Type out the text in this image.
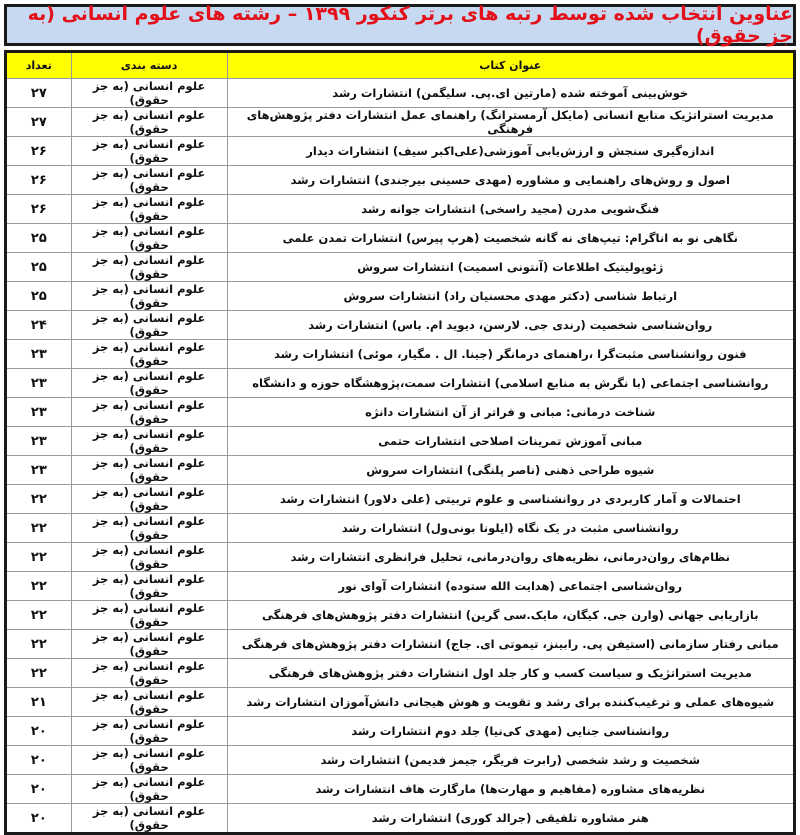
عناوین انتخاب شده توسط رتبه های برتر کنکور ۱۳۹۹ – رشته های علوم انسانی (به جز حقوق)
عنوان کتاب	دسته بندی	تعداد
خوش‌بینی آموخته شده (مارتین ای.پی. سلیگمن) انتشارات رشد	علوم انسانی (به جز حقوق)	۲۷
مدیریت استراتژیک منابع انسانی (مایکل آرمسترانگ) راهنمای عمل انتشارات دفتر پژوهش‌های فرهنگی	علوم انسانی (به جز حقوق)	۲۷
اندازه‌گیری سنجش و ارزش‌یابی آموزشی(علی‌اکبر سیف) انتشارات دیدار	علوم انسانی (به جز حقوق)	۲۶
اصول و روش‌های راهنمایی و مشاوره (مهدی حسینی بیرجندی) انتشارات رشد	علوم انسانی (به جز حقوق)	۲۶
فنگ‌شویی مدرن (مجید راسخی) انتشارات جوانه رشد	علوم انسانی (به جز حقوق)	۲۶
نگاهی نو به اناگرام: تیپ‌های نه گانه شخصیت (هرپ پیرس) انتشارات تمدن علمی	علوم انسانی (به جز حقوق)	۲۵
ژئوپولیتیک اطلاعات (آنتونی اسمیت) انتشارات سروش	علوم انسانی (به جز حقوق)	۲۵
ارتباط شناسی (دکتر مهدی محسنیان راد) انتشارات سروش	علوم انسانی (به جز حقوق)	۲۵
روان‌شناسی شخصیت (رندی جی. لارسن، دیوید ام. باس) انتشارات رشد	علوم انسانی (به جز حقوق)	۲۴
فنون روانشناسی مثبت‌گرا ،راهنمای درمانگر (جینا. ال . مگیار، موئی) انتشارات رشد	علوم انسانی (به جز حقوق)	۲۳
روانشناسی اجتماعی (با نگرش به منابع اسلامی) انتشارات سمت،پژوهشگاه حوزه و دانشگاه	علوم انسانی (به جز حقوق)	۲۳
شناخت درمانی: مبانی و فراتر از آن انتشارات دانژه	علوم انسانی (به جز حقوق)	۲۳
مبانی آموزش تمرینات اصلاحی انتشارات حتمی	علوم انسانی (به جز حقوق)	۲۳
شیوه طراحی ذهنی (ناصر پلنگی) انتشارات سروش	علوم انسانی (به جز حقوق)	۲۳
احتمالات و آمار کاربردی در روانشناسی و علوم تربیتی (علی دلاور) انتشارات رشد	علوم انسانی (به جز حقوق)	۲۲
روانشناسی مثبت در یک نگاه (ایلونا بونی‌ول) انتشارات رشد	علوم انسانی (به جز حقوق)	۲۲
نظام‌های روان‌درمانی، نظریه‌های روان‌درمانی، تحلیل فرانظری انتشارات رشد	علوم انسانی (به جز حقوق)	۲۲
روان‌شناسی اجتماعی (هدایت الله ستوده) انتشارات آوای نور	علوم انسانی (به جز حقوق)	۲۲
بازاریابی جهانی (وارن جی. کیگان، مایک.سی گرین) انتشارات دفتر پژوهش‌های فرهنگی	علوم انسانی (به جز حقوق)	۲۲
مبانی رفتار سازمانی (استیفن پی. رابینز، تیموتی ای. جاج) انتشارات دفتر پژوهش‌های فرهنگی	علوم انسانی (به جز حقوق)	۲۲
مدیریت استراتژیک و سیاست کسب و کار جلد اول انتشارات دفتر پژوهش‌های فرهنگی	علوم انسانی (به جز حقوق)	۲۲
شیوه‌های عملی و ترغیب‌کننده برای رشد و تقویت و هوش هیجانی دانش‌آموزان انتشارات رشد	علوم انسانی (به جز حقوق)	۲۱
روانشناسی جنایی (مهدی کی‌نیا) جلد دوم انتشارات رشد	علوم انسانی (به جز حقوق)	۲۰
شخصیت و رشد شخصی (رابرت فریگر، جیمز فدیمن) انتشارات رشد	علوم انسانی (به جز حقوق)	۲۰
نظریه‌های مشاوره (مفاهیم و مهارت‌ها) مارگارت هاف انتشارات رشد	علوم انسانی (به جز حقوق)	۲۰
هنر مشاوره تلفیقی (جرالد کوری) انتشارات رشد	علوم انسانی (به جز حقوق)	۲۰
